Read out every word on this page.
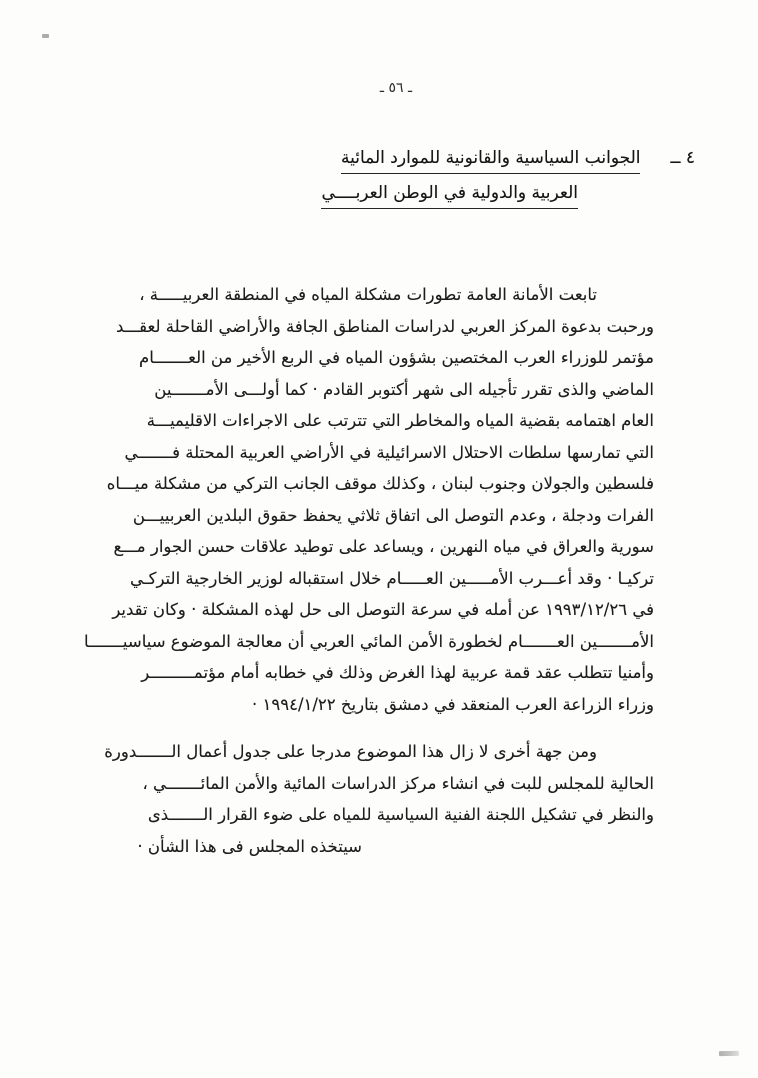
ـ ٥٦ ـ
٤ ــ
الجوانب السياسية والقانونية للموارد المائية
العربية والدولية في الوطن العربــــي
تابعت الأمانة العامة تطورات مشكلة المياه في المنطقة العربيـــــة ،
ورحبت بدعوة المركز العربي لدراسات المناطق الجافة والأراضي القاحلة لعقـــد
مؤتمر للوزراء العرب المختصين بشؤون المياه في الربع الأخير من العـــــــام
الماضي والذى تقرر تأجيله الى شهر أكتوبر القادم · كما أولـــى الأمـــــــين
العام اهتمامه بقضية المياه والمخاطر التي تترتب على الاجراءات الاقليميـــة
التي تمارسها سلطات الاحتلال الاسرائيلية في الأراضي العربية المحتلة فـــــــي
فلسطين والجولان وجنوب لبنان ، وكذلك موقف الجانب التركي من مشكلة ميـــاه
الفرات ودجلة ، وعدم التوصل الى اتفاق ثلاثي يحفظ حقوق البلدين العربييـــن
سورية والعراق في مياه النهرين ، ويساعد على توطيد علاقات حسن الجوار مـــع
تركيـا · وقد أعـــرب الأمـــــين العـــــام خلال استقباله لوزير الخارجية التركـي
في ١٩٩٣/١٢/٢٦ عن أمله في سرعة التوصل الى حل لهذه المشكلة · وكان تقدير
الأمـــــــين العـــــــام لخطورة الأمن المائي العربي أن معالجة الموضوع سياسيـــــــا
وأمنيا تتطلب عقد قمة عربية لهذا الغرض وذلك في خطابه أمام مؤتمـــــــــر
وزراء الزراعة العرب المنعقد في دمشق بتاريخ ١٩٩٤/١/٢٢ ·
ومن جهة أخرى لا زال هذا الموضوع مدرجا على جدول أعمال الـــــــدورة
الحالية للمجلس للبت في انشاء مركز الدراسات المائية والأمن المائـــــــي ،
والنظر في تشكيل اللجنة الفنية السياسية للمياه على ضوء القرار الـــــــذى
سيتخذه المجلس فى هذا الشأن ·
